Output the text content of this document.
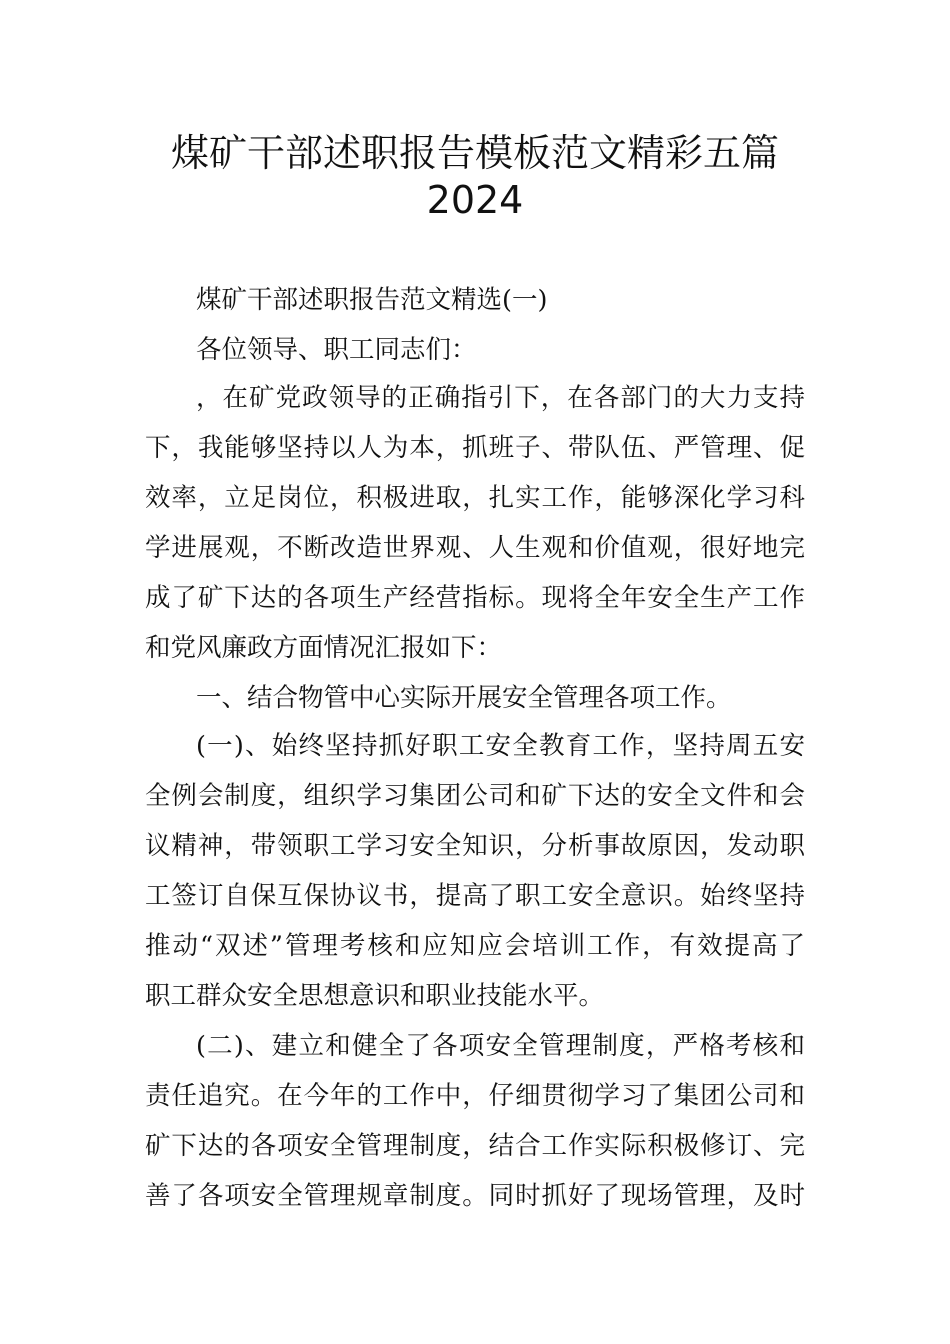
煤矿干部述职报告模板范文精彩五篇
2024
煤矿干部述职报告范文精选(一)
各位领导、职工同志们：
，在矿党政领导的正确指引下，在各部门的大力支持
下，我能够坚持以人为本，抓班子、带队伍、严管理、促
效率，立足岗位，积极进取，扎实工作，能够深化学习科
学进展观，不断改造世界观、人生观和价值观，很好地完
成了矿下达的各项生产经营指标。现将全年安全生产工作
和党风廉政方面情况汇报如下：
一、结合物管中心实际开展安全管理各项工作。
(一)、始终坚持抓好职工安全教育工作，坚持周五安
全例会制度，组织学习集团公司和矿下达的安全文件和会
议精神，带领职工学习安全知识，分析事故原因，发动职
工签订自保互保协议书，提高了职工安全意识。始终坚持
推动“双述”管理考核和应知应会培训工作，有效提高了
职工群众安全思想意识和职业技能水平。
(二)、建立和健全了各项安全管理制度，严格考核和
责任追究。在今年的工作中，仔细贯彻学习了集团公司和
矿下达的各项安全管理制度，结合工作实际积极修订、完
善了各项安全管理规章制度。同时抓好了现场管理，及时
